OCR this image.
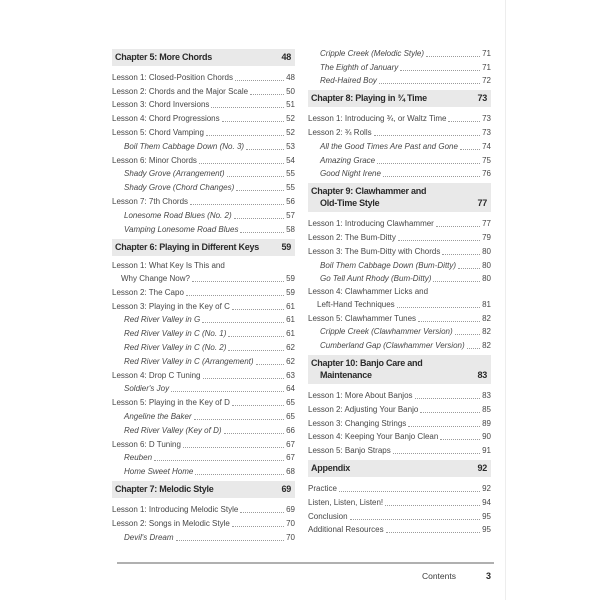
Chapter 5: More Chords	48
Lesson 1: Closed-Position Chords	48
Lesson 2: Chords and the Major Scale	50
Lesson 3: Chord Inversions	51
Lesson 4: Chord Progressions	52
Lesson 5: Chord Vamping	52
Boil Them Cabbage Down (No. 3)	53
Lesson 6: Minor Chords	54
Shady Grove (Arrangement)	55
Shady Grove (Chord Changes)	55
Lesson 7: 7th Chords	56
Lonesome Road Blues (No. 2)	57
Vamping Lonesome Road Blues	58
Chapter 6: Playing in Different Keys 59
Lesson 1: What Key Is This and
Why Change Now?	59
Lesson 2: The Capo	59
Lesson 3: Playing in the Key of C	61
Red River Valley in G	61
Red River Valley in C (No. 1)	61
Red River Valley in C (No. 2)	62
Red River Valley in C (Arrangement)	62
Lesson 4: Drop C Tuning	63
Soldier's Joy	64
Lesson 5: Playing in the Key of D	65
Angeline the Baker	65
Red River Valley (Key of D)	66
Lesson 6: D Tuning	67
Reuben	67
Home Sweet Home	68
Chapter 7: Melodic Style	69
Lesson 1: Introducing Melodic Style	69
Lesson 2: Songs in Melodic Style	70
Devil's Dream	70
Cripple Creek (Melodic Style)	71
The Eighth of January	71
Red-Haired Boy	72
Chapter 8: Playing in ¾ Time	73
Lesson 1: Introducing ¾, or Waltz Time	73
Lesson 2: ¾ Rolls	73
All the Good Times Are Past and Gone	74
Amazing Grace	75
Good Night Irene	76
Chapter 9: Clawhammer and
Old-Time Style	77
Lesson 1: Introducing Clawhammer	77
Lesson 2: The Bum-Ditty	79
Lesson 3: The Bum-Ditty with Chords	80
Boil Them Cabbage Down (Bum-Ditty)	80
Go Tell Aunt Rhody (Bum-Ditty)	80
Lesson 4: Clawhammer Licks and
Left-Hand Techniques	81
Lesson 5: Clawhammer Tunes	82
Cripple Creek (Clawhammer Version)	82
Cumberland Gap (Clawhammer Version) 82
Chapter 10: Banjo Care and
Maintenance	83
Lesson 1: More About Banjos	83
Lesson 2: Adjusting Your Banjo	85
Lesson 3: Changing Strings	89
Lesson 4: Keeping Your Banjo Clean	90
Lesson 5: Banjo Straps	91
Appendix	92
Practice	92
Listen, Listen, Listen!	94
Conclusion	95
Additional Resources	95
Contents	3
